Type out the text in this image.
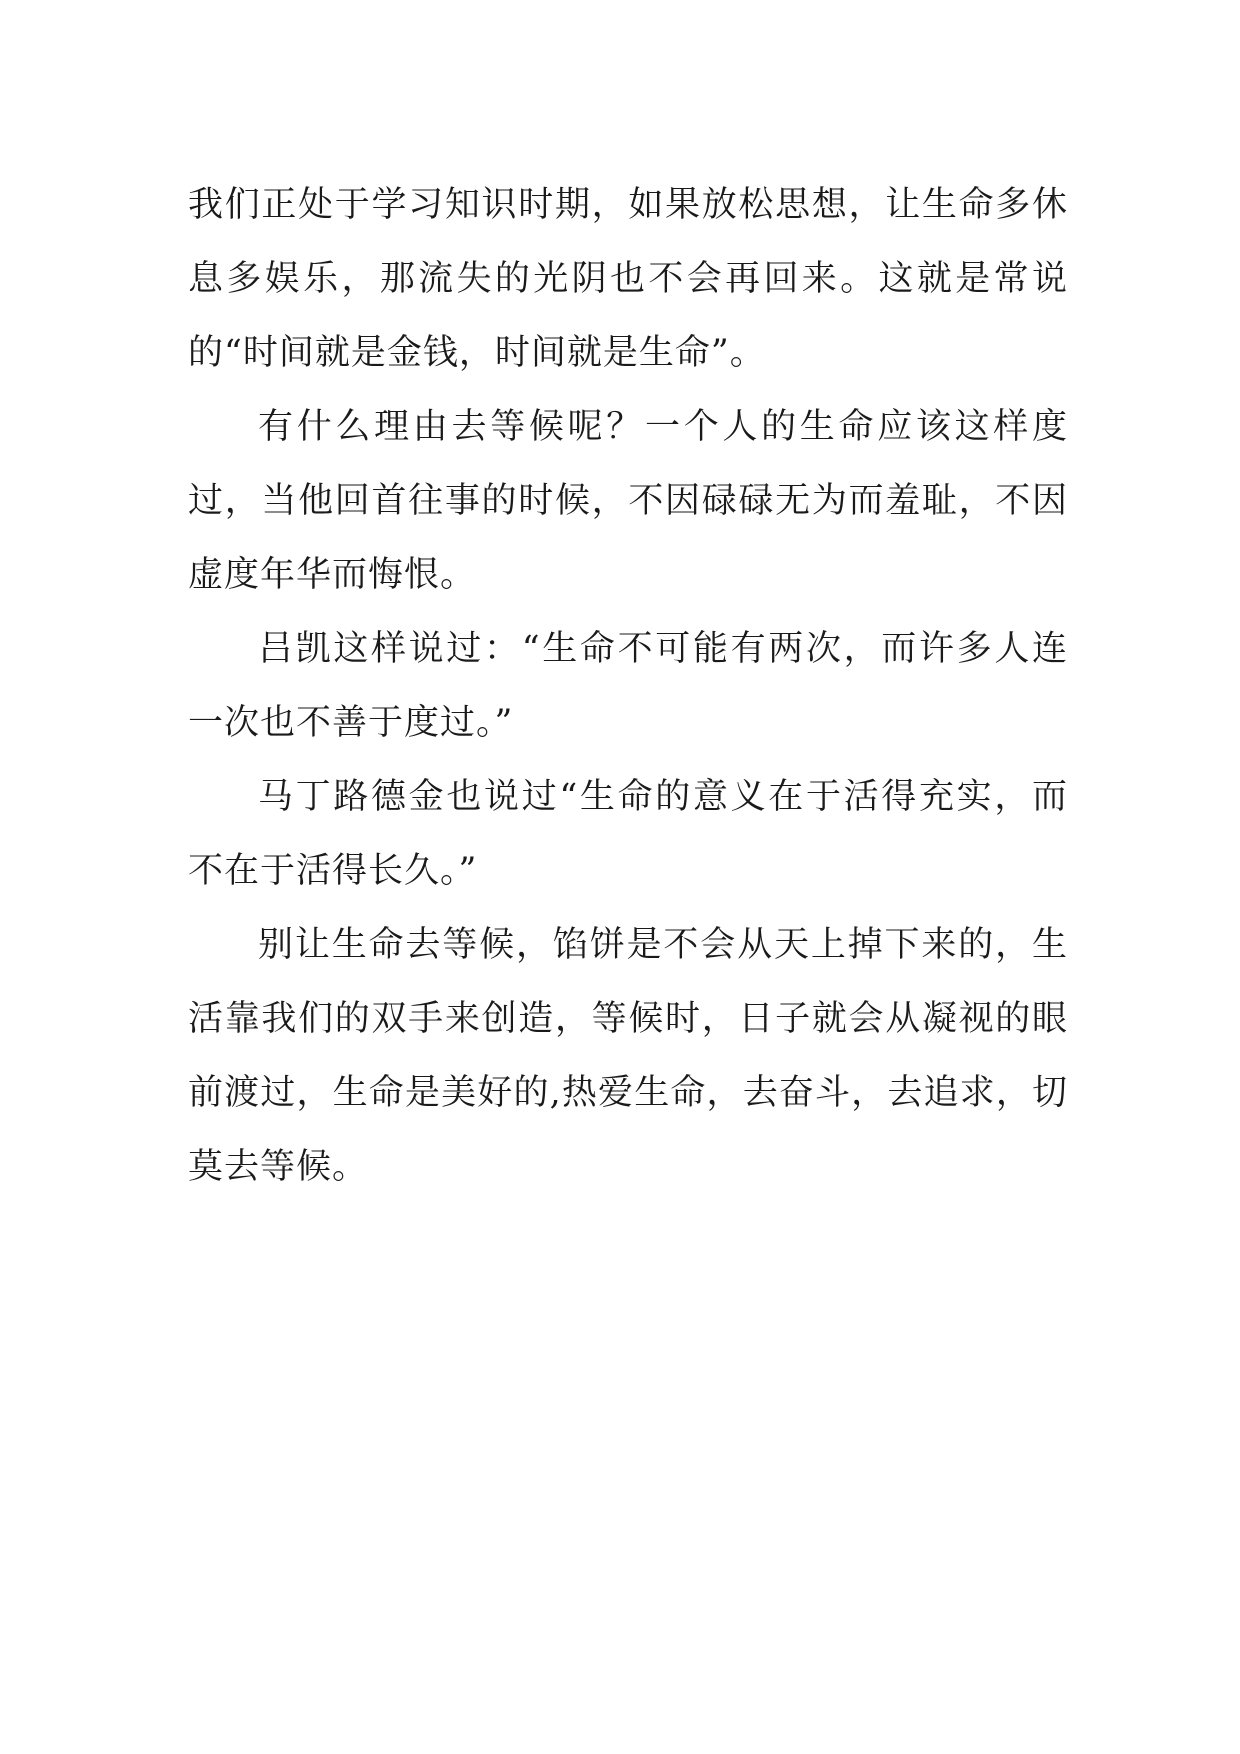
我们正处于学习知识时期，如果放松思想，让生命多休息多娱乐，那流失的光阴也不会再回来。这就是常说的“时间就是金钱，时间就是生命”。

有什么理由去等候呢？一个人的生命应该这样度过，当他回首往事的时候，不因碌碌无为而羞耻，不因虚度年华而悔恨。

吕凯这样说过：“生命不可能有两次，而许多人连一次也不善于度过。”

马丁路德金也说过“生命的意义在于活得充实，而不在于活得长久。”

别让生命去等候，馅饼是不会从天上掉下来的，生活靠我们的双手来创造，等候时，日子就会从凝视的眼前渡过，生命是美好的,热爱生命，去奋斗，去追求，切莫去等候。
